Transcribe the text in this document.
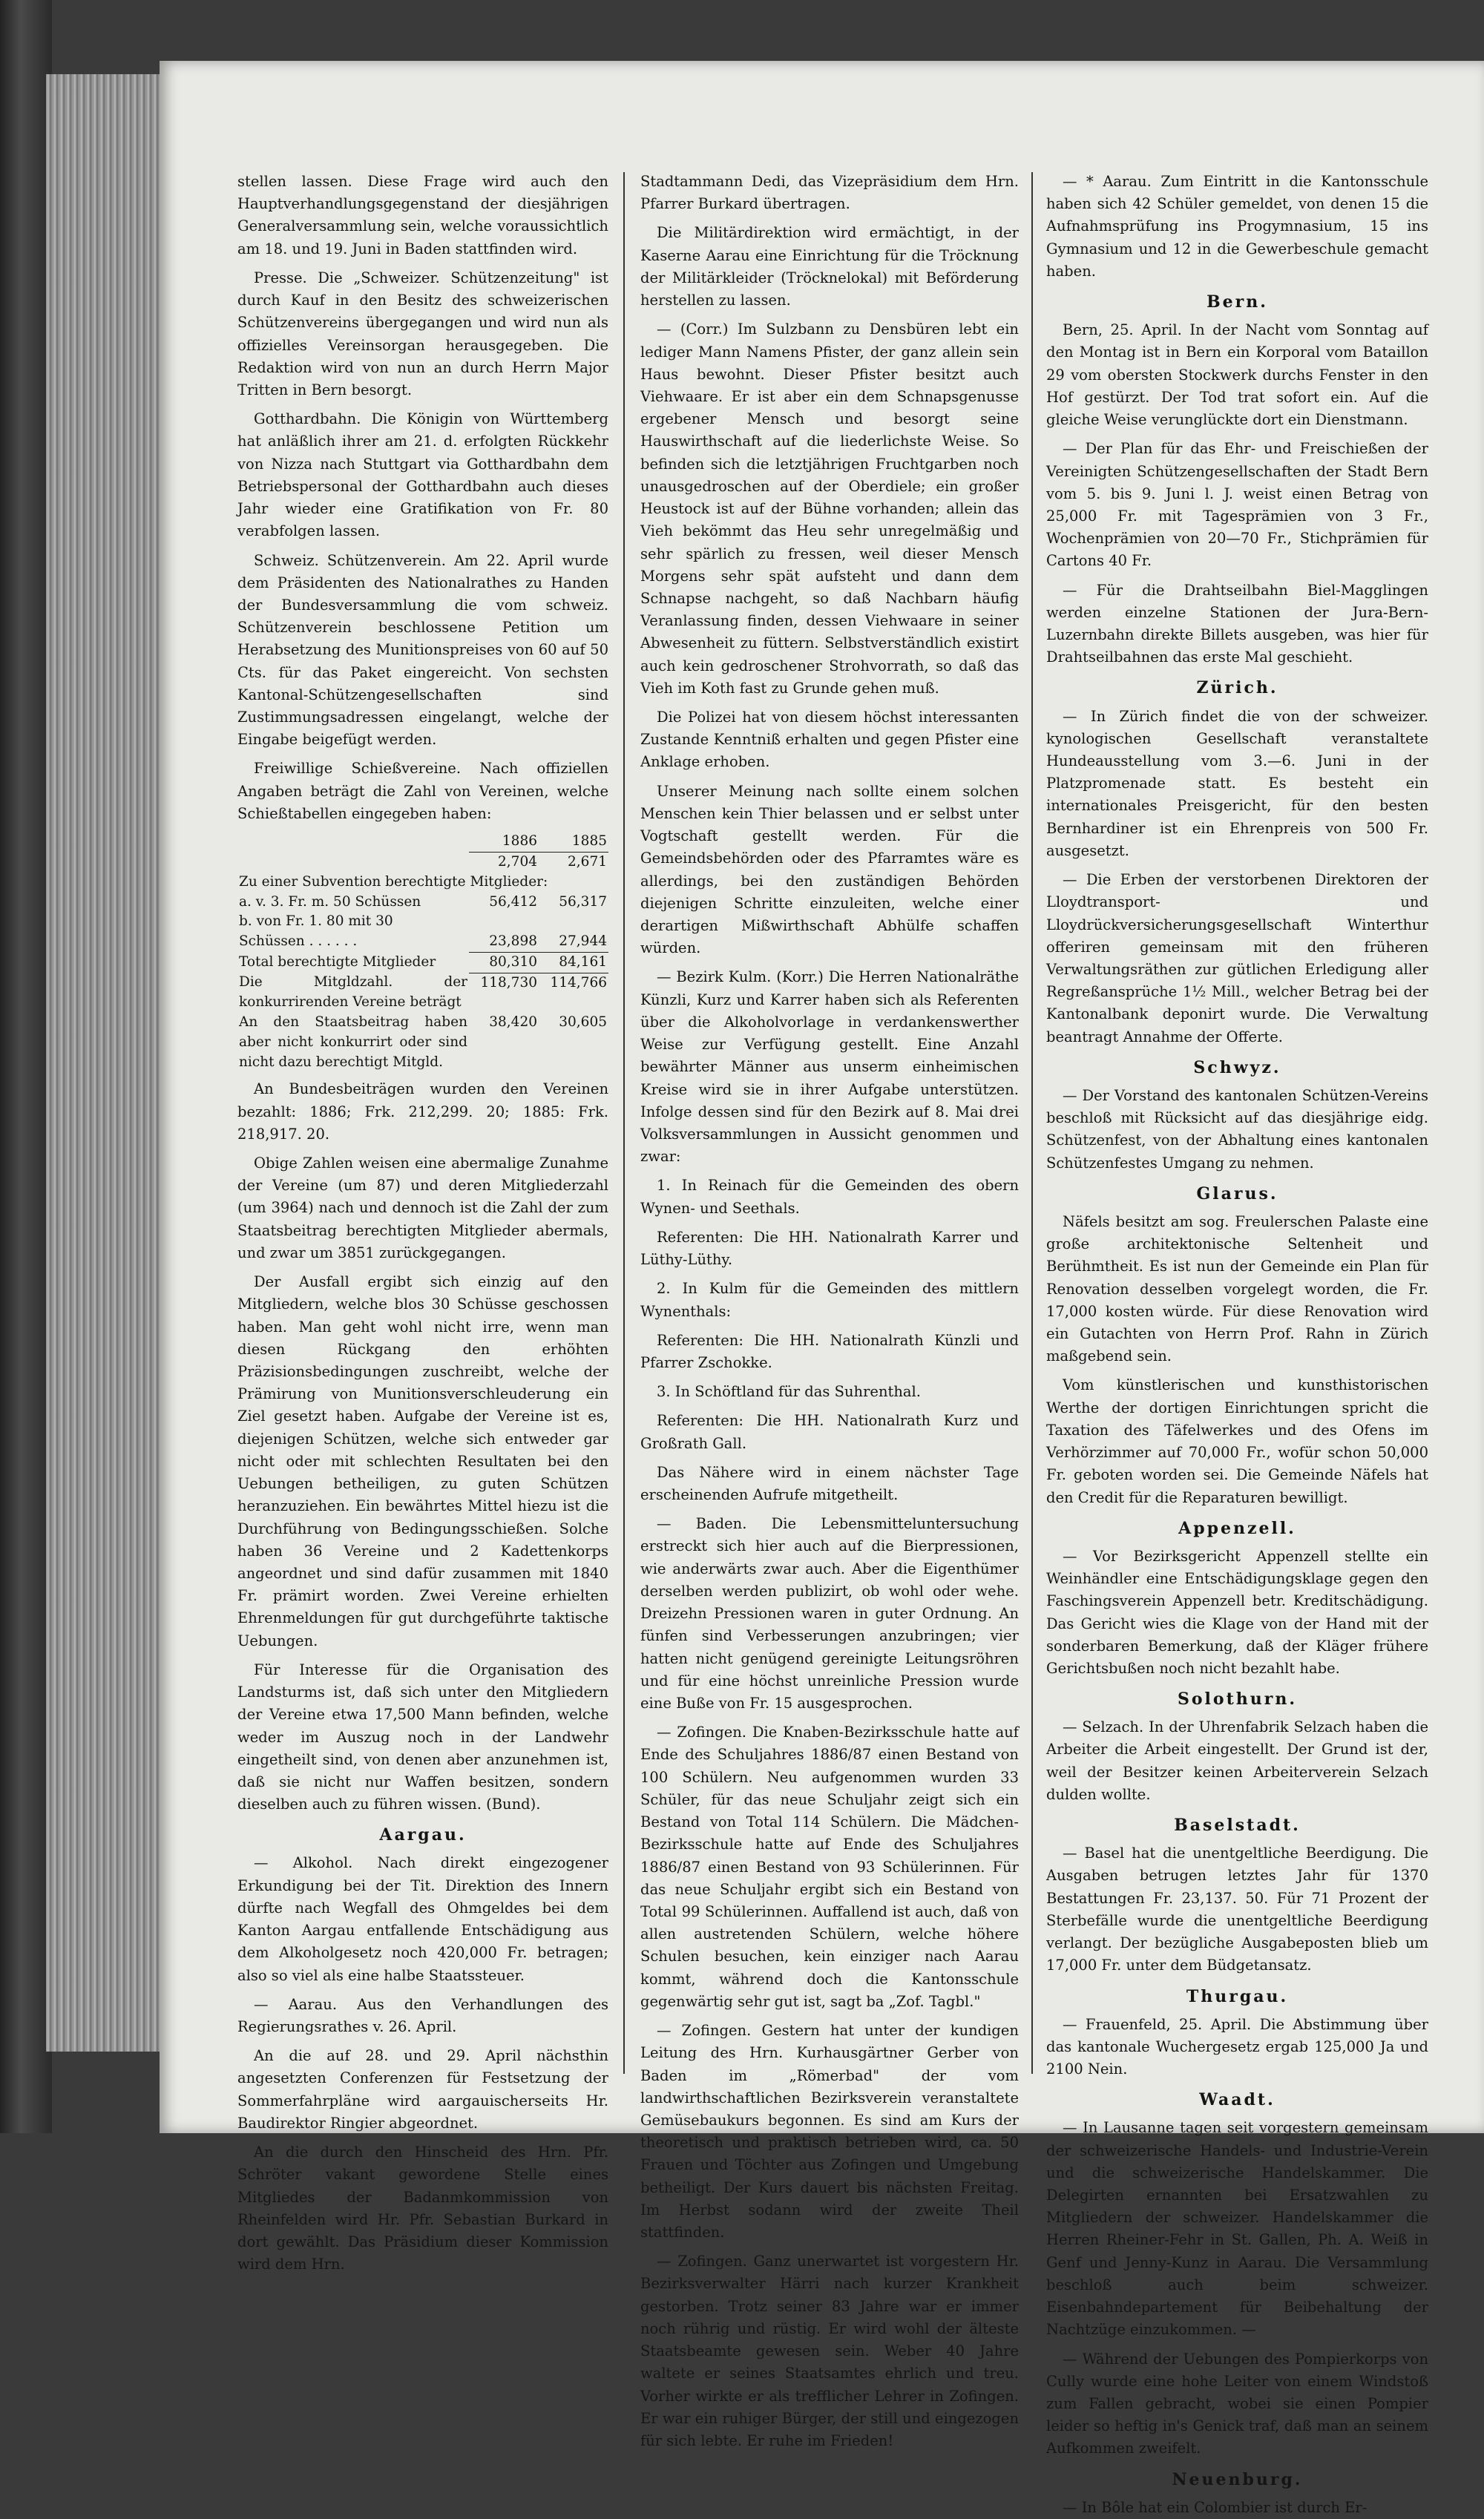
stellen lassen. Diese Frage wird auch den Hauptverhandlungsgegenstand der diesjährigen Generalversammlung sein, welche voraussichtlich am 18. und 19. Juni in Baden stattfinden wird.

Presse. Die „Schweizer. Schützenzeitung" ist durch Kauf in den Besitz des schweizerischen Schützenvereins übergegangen und wird nun als offizielles Vereinsorgan herausgegeben. Die Redaktion wird von nun an durch Herrn Major Tritten in Bern besorgt.

Gotthardbahn. Die Königin von Württemberg hat anläßlich ihrer am 21. d. erfolgten Rückkehr von Nizza nach Stuttgart via Gotthardbahn dem Betriebspersonal der Gotthardbahn auch dieses Jahr wieder eine Gratifikation von Fr. 80 verabfolgen lassen.

Schweiz. Schützenverein. Am 22. April wurde dem Präsidenten des Nationalrathes zu Handen der Bundesversammlung die vom schweiz. Schützenverein beschlossene Petition um Herabsetzung des Munitionspreises von 60 auf 50 Cts. für das Paket eingereicht. Von sechsten Kantonal-Schützengesellschaften sind Zustimmungsadressen eingelangt, welche der Eingabe beigefügt werden.

Freiwillige Schießvereine. Nach offiziellen Angaben beträgt die Zahl von Vereinen, welche Schießtabellen eingegeben haben:

	1886	1885
	2,704	2,671
Zu einer Subvention berechtigte Mitglieder:		
a. v. 3. Fr. m. 50 Schüssen	56,412	56,317
b. von Fr. 1. 80 mit 30		
Schüssen . . . . . .	23,898	27,944
Total berechtigte Mitglieder	80,310	84,161
Die Mitgldzahl. der konkurrirenden Vereine beträgt	118,730	114,766
An den Staatsbeitrag haben aber nicht konkurrirt oder sind nicht dazu berechtigt Mitgld.	38,420	30,605

An Bundesbeiträgen wurden den Vereinen bezahlt: 1886; Frk. 212,299. 20; 1885: Frk. 218,917. 20.

Obige Zahlen weisen eine abermalige Zunahme der Vereine (um 87) und deren Mitgliederzahl (um 3964) nach und dennoch ist die Zahl der zum Staatsbeitrag berechtigten Mitglieder abermals, und zwar um 3851 zurückgegangen.

Der Ausfall ergibt sich einzig auf den Mitgliedern, welche blos 30 Schüsse geschossen haben. Man geht wohl nicht irre, wenn man diesen Rückgang den erhöhten Präzisionsbedingungen zuschreibt, welche der Prämirung von Munitionsverschleuderung ein Ziel gesetzt haben. Aufgabe der Vereine ist es, diejenigen Schützen, welche sich entweder gar nicht oder mit schlechten Resultaten bei den Uebungen betheiligen, zu guten Schützen heranzuziehen. Ein bewährtes Mittel hiezu ist die Durchführung von Bedingungsschießen. Solche haben 36 Vereine und 2 Kadettenkorps angeordnet und sind dafür zusammen mit 1840 Fr. prämirt worden. Zwei Vereine erhielten Ehrenmeldungen für gut durchgeführte taktische Uebungen.

Für Interesse für die Organisation des Landsturms ist, daß sich unter den Mitgliedern der Vereine etwa 17,500 Mann befinden, welche weder im Auszug noch in der Landwehr eingetheilt sind, von denen aber anzunehmen ist, daß sie nicht nur Waffen besitzen, sondern dieselben auch zu führen wissen. (Bund).

Aargau.

— Alkohol. Nach direkt eingezogener Erkundigung bei der Tit. Direktion des Innern dürfte nach Wegfall des Ohmgeldes bei dem Kanton Aargau entfallende Entschädigung aus dem Alkoholgesetz noch 420,000 Fr. betragen; also so viel als eine halbe Staatssteuer.

— Aarau. Aus den Verhandlungen des Regierungsrathes v. 26. April.

An die auf 28. und 29. April nächsthin angesetzten Conferenzen für Festsetzung der Sommerfahrpläne wird aargauischerseits Hr. Baudirektor Ringier abgeordnet.

An die durch den Hinscheid des Hrn. Pfr. Schröter vakant gewordene Stelle eines Mitgliedes der Badanmkommission von Rheinfelden wird Hr. Pfr. Sebastian Burkard in dort gewählt. Das Präsidium dieser Kommission wird dem Hrn.

Stadtammann Dedi, das Vizepräsidium dem Hrn. Pfarrer Burkard übertragen.

Die Militärdirektion wird ermächtigt, in der Kaserne Aarau eine Einrichtung für die Tröcknung der Militärkleider (Tröcknelokal) mit Beförderung herstellen zu lassen.

— (Corr.) Im Sulzbann zu Densbüren lebt ein lediger Mann Namens Pfister, der ganz allein sein Haus bewohnt. Dieser Pfister besitzt auch Viehwaare. Er ist aber ein dem Schnapsgenusse ergebener Mensch und besorgt seine Hauswirthschaft auf die liederlichste Weise. So befinden sich die letztjährigen Fruchtgarben noch unausgedroschen auf der Oberdiele; ein großer Heustock ist auf der Bühne vorhanden; allein das Vieh bekömmt das Heu sehr unregelmäßig und sehr spärlich zu fressen, weil dieser Mensch Morgens sehr spät aufsteht und dann dem Schnapse nachgeht, so daß Nachbarn häufig Veranlassung finden, dessen Viehwaare in seiner Abwesenheit zu füttern. Selbstverständlich existirt auch kein gedroschener Strohvorrath, so daß das Vieh im Koth fast zu Grunde gehen muß.

Die Polizei hat von diesem höchst interessanten Zustande Kenntniß erhalten und gegen Pfister eine Anklage erhoben.

Unserer Meinung nach sollte einem solchen Menschen kein Thier belassen und er selbst unter Vogtschaft gestellt werden. Für die Gemeindsbehörden oder des Pfarramtes wäre es allerdings, bei den zuständigen Behörden diejenigen Schritte einzuleiten, welche einer derartigen Mißwirthschaft Abhülfe schaffen würden.

— Bezirk Kulm. (Korr.) Die Herren Nationalräthe Künzli, Kurz und Karrer haben sich als Referenten über die Alkoholvorlage in verdankenswerther Weise zur Verfügung gestellt. Eine Anzahl bewährter Männer aus unserm einheimischen Kreise wird sie in ihrer Aufgabe unterstützen. Infolge dessen sind für den Bezirk auf 8. Mai drei Volksversammlungen in Aussicht genommen und zwar:

1. In Reinach für die Gemeinden des obern Wynen- und Seethals.

Referenten: Die HH. Nationalrath Karrer und Lüthy-Lüthy.

2. In Kulm für die Gemeinden des mittlern Wynenthals:

Referenten: Die HH. Nationalrath Künzli und Pfarrer Zschokke.

3. In Schöftland für das Suhrenthal.

Referenten: Die HH. Nationalrath Kurz und Großrath Gall.

Das Nähere wird in einem nächster Tage erscheinenden Aufrufe mitgetheilt.

— Baden. Die Lebensmitteluntersuchung erstreckt sich hier auch auf die Bierpressionen, wie anderwärts zwar auch. Aber die Eigenthümer derselben werden publizirt, ob wohl oder wehe. Dreizehn Pressionen waren in guter Ordnung. An fünfen sind Verbesserungen anzubringen; vier hatten nicht genügend gereinigte Leitungsröhren und für eine höchst unreinliche Pression wurde eine Buße von Fr. 15 ausgesprochen.

— Zofingen. Die Knaben-Bezirksschule hatte auf Ende des Schuljahres 1886/87 einen Bestand von 100 Schülern. Neu aufgenommen wurden 33 Schüler, für das neue Schuljahr zeigt sich ein Bestand von Total 114 Schülern. Die Mädchen-Bezirksschule hatte auf Ende des Schuljahres 1886/87 einen Bestand von 93 Schülerinnen. Für das neue Schuljahr ergibt sich ein Bestand von Total 99 Schülerinnen. Auffallend ist auch, daß von allen austretenden Schülern, welche höhere Schulen besuchen, kein einziger nach Aarau kommt, während doch die Kantonsschule gegenwärtig sehr gut ist, sagt ba „Zof. Tagbl."

— Zofingen. Gestern hat unter der kundigen Leitung des Hrn. Kurhausgärtner Gerber von Baden im „Römerbad" der vom landwirthschaftlichen Bezirksverein veranstaltete Gemüsebaukurs begonnen. Es sind am Kurs der theoretisch und praktisch betrieben wird, ca. 50 Frauen und Töchter aus Zofingen und Umgebung betheiligt. Der Kurs dauert bis nächsten Freitag. Im Herbst sodann wird der zweite Theil stattfinden.

— Zofingen. Ganz unerwartet ist vorgestern Hr. Bezirksverwalter Härri nach kurzer Krankheit gestorben. Trotz seiner 83 Jahre war er immer noch rührig und rüstig. Er wird wohl der älteste Staatsbeamte gewesen sein. Weber 40 Jahre waltete er seines Staatsamtes ehrlich und treu. Vorher wirkte er als trefflicher Lehrer in Zofingen. Er war ein ruhiger Bürger, der still und eingezogen für sich lebte. Er ruhe im Frieden!

— * Aarau. Zum Eintritt in die Kantonsschule haben sich 42 Schüler gemeldet, von denen 15 die Aufnahmsprüfung ins Progymnasium, 15 ins Gymnasium und 12 in die Gewerbeschule gemacht haben.

Bern.

Bern, 25. April. In der Nacht vom Sonntag auf den Montag ist in Bern ein Korporal vom Bataillon 29 vom obersten Stockwerk durchs Fenster in den Hof gestürzt. Der Tod trat sofort ein. Auf die gleiche Weise verunglückte dort ein Dienstmann.

— Der Plan für das Ehr- und Freischießen der Vereinigten Schützengesellschaften der Stadt Bern vom 5. bis 9. Juni l. J. weist einen Betrag von 25,000 Fr. mit Tagesprämien von 3 Fr., Wochenprämien von 20—70 Fr., Stichprämien für Cartons 40 Fr.

— Für die Drahtseilbahn Biel-Magglingen werden einzelne Stationen der Jura-Bern-Luzernbahn direkte Billets ausgeben, was hier für Drahtseilbahnen das erste Mal geschieht.

Zürich.

— In Zürich findet die von der schweizer. kynologischen Gesellschaft veranstaltete Hundeausstellung vom 3.—6. Juni in der Platzpromenade statt. Es besteht ein internationales Preisgericht, für den besten Bernhardiner ist ein Ehrenpreis von 500 Fr. ausgesetzt.

— Die Erben der verstorbenen Direktoren der Lloydtransport- und Lloydrückversicherungsgesellschaft Winterthur offeriren gemeinsam mit den früheren Verwaltungsräthen zur gütlichen Erledigung aller Regreßansprüche 1½ Mill., welcher Betrag bei der Kantonalbank deponirt wurde. Die Verwaltung beantragt Annahme der Offerte.

Schwyz.

— Der Vorstand des kantonalen Schützen-Vereins beschloß mit Rücksicht auf das diesjährige eidg. Schützenfest, von der Abhaltung eines kantonalen Schützenfestes Umgang zu nehmen.

Glarus.

Näfels besitzt am sog. Freulerschen Palaste eine große architektonische Seltenheit und Berühmtheit. Es ist nun der Gemeinde ein Plan für Renovation desselben vorgelegt worden, die Fr. 17,000 kosten würde. Für diese Renovation wird ein Gutachten von Herrn Prof. Rahn in Zürich maßgebend sein.

Vom künstlerischen und kunsthistorischen Werthe der dortigen Einrichtungen spricht die Taxation des Täfelwerkes und des Ofens im Verhörzimmer auf 70,000 Fr., wofür schon 50,000 Fr. geboten worden sei. Die Gemeinde Näfels hat den Credit für die Reparaturen bewilligt.

Appenzell.

— Vor Bezirksgericht Appenzell stellte ein Weinhändler eine Entschädigungsklage gegen den Faschingsverein Appenzell betr. Kreditschädigung. Das Gericht wies die Klage von der Hand mit der sonderbaren Bemerkung, daß der Kläger frühere Gerichtsbußen noch nicht bezahlt habe.

Solothurn.

— Selzach. In der Uhrenfabrik Selzach haben die Arbeiter die Arbeit eingestellt. Der Grund ist der, weil der Besitzer keinen Arbeiterverein Selzach dulden wollte.

Baselstadt.

— Basel hat die unentgeltliche Beerdigung. Die Ausgaben betrugen letztes Jahr für 1370 Bestattungen Fr. 23,137. 50. Für 71 Prozent der Sterbefälle wurde die unentgeltliche Beerdigung verlangt. Der bezügliche Ausgabeposten blieb um 17,000 Fr. unter dem Büdgetansatz.

Thurgau.

— Frauenfeld, 25. April. Die Abstimmung über das kantonale Wuchergesetz ergab 125,000 Ja und 2100 Nein.

Waadt.

— In Lausanne tagen seit vorgestern gemeinsam der schweizerische Handels- und Industrie-Verein und die schweizerische Handelskammer. Die Delegirten ernannten bei Ersatzwahlen zu Mitgliedern der schweizer. Handelskammer die Herren Rheiner-Fehr in St. Gallen, Ph. A. Weiß in Genf und Jenny-Kunz in Aarau. Die Versammlung beschloß auch beim schweizer. Eisenbahndepartement für Beibehaltung der Nachtzüge einzukommen. —

— Während der Uebungen des Pompierkorps von Cully wurde eine hohe Leiter von einem Windstoß zum Fallen gebracht, wobei sie einen Pompier leider so heftig in's Genick traf, daß man an seinem Aufkommen zweifelt.

Neuenburg.

— In Bôle hat ein Colombier ist durch Er-
